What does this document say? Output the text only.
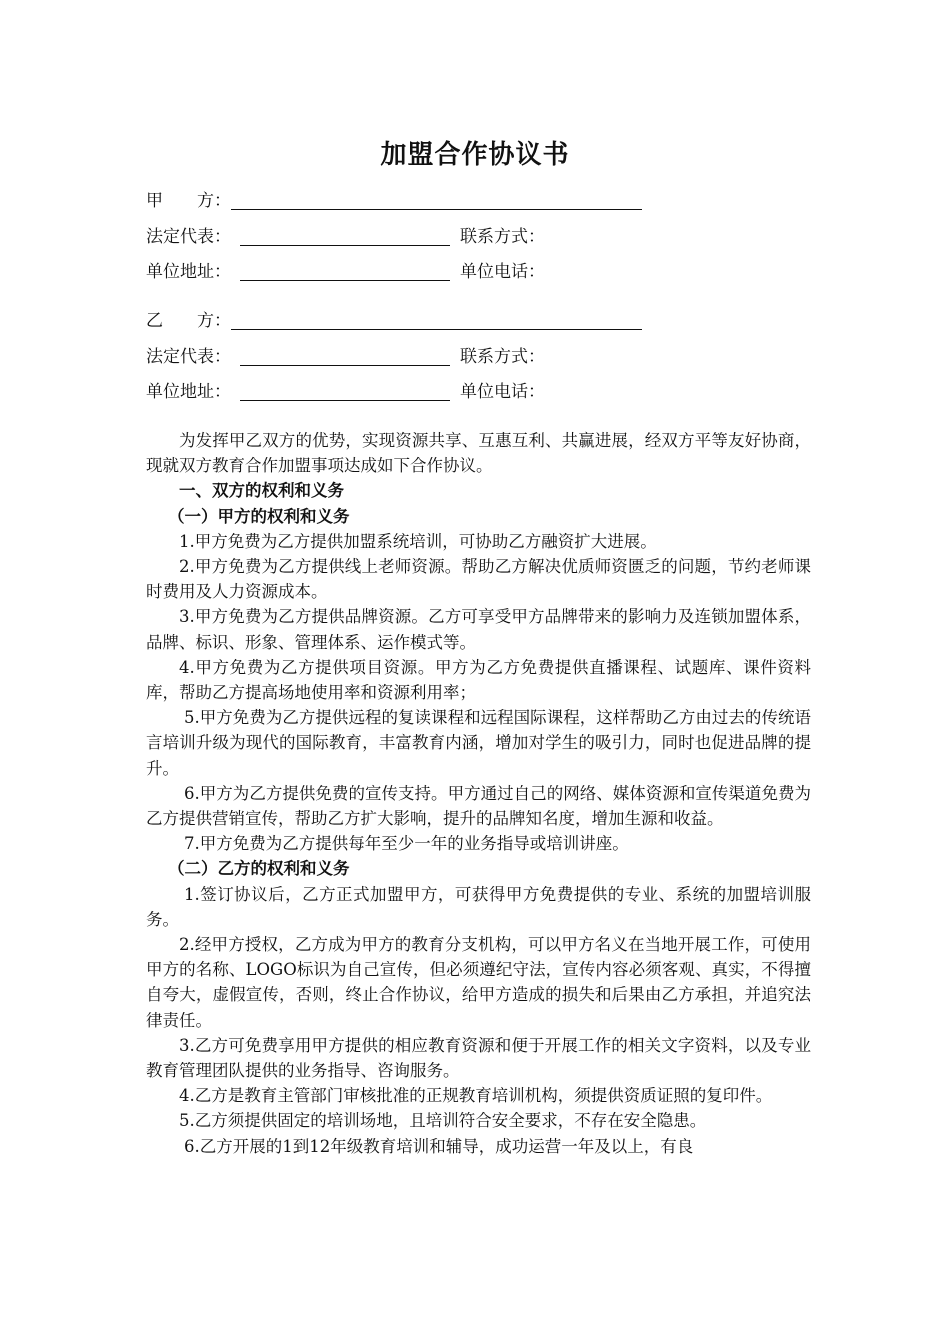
加盟合作协议书
甲　　方：
法定代表：	联系方式：
单位地址：	单位电话：
乙　　方：
法定代表：	联系方式：
单位地址：	单位电话：

为发挥甲乙双方的优势，实现资源共享、互惠互利、共赢进展，经双方平等友好协商，现就双方教育合作加盟事项达成如下合作协议。

一、双方的权利和义务

（一）甲方的权利和义务

1.甲方免费为乙方提供加盟系统培训，可协助乙方融资扩大进展。

2.甲方免费为乙方提供线上老师资源。帮助乙方解决优质师资匮乏的问题，节约老师课时费用及人力资源成本。

3.甲方免费为乙方提供品牌资源。乙方可享受甲方品牌带来的影响力及连锁加盟体系，品牌、标识、形象、管理体系、运作模式等。

4.甲方免费为乙方提供项目资源。甲方为乙方免费提供直播课程、试题库、课件资料库，帮助乙方提高场地使用率和资源利用率；

5.甲方免费为乙方提供远程的复读课程和远程国际课程，这样帮助乙方由过去的传统语言培训升级为现代的国际教育，丰富教育内涵，增加对学生的吸引力，同时也促进品牌的提升。

6.甲方为乙方提供免费的宣传支持。甲方通过自己的网络、媒体资源和宣传渠道免费为乙方提供营销宣传，帮助乙方扩大影响，提升的品牌知名度，增加生源和收益。

7.甲方免费为乙方提供每年至少一年的业务指导或培训讲座。

（二）乙方的权利和义务

1.签订协议后，乙方正式加盟甲方，可获得甲方免费提供的专业、系统的加盟培训服务。

2.经甲方授权，乙方成为甲方的教育分支机构，可以甲方名义在当地开展工作，可使用甲方的名称、LOGO标识为自己宣传，但必须遵纪守法，宣传内容必须客观、真实，不得擅自夸大，虚假宣传，否则，终止合作协议，给甲方造成的损失和后果由乙方承担，并追究法律责任。

3.乙方可免费享用甲方提供的相应教育资源和便于开展工作的相关文字资料，以及专业教育管理团队提供的业务指导、咨询服务。

4.乙方是教育主管部门审核批准的正规教育培训机构，须提供资质证照的复印件。

5.乙方须提供固定的培训场地，且培训符合安全要求，不存在安全隐患。

6.乙方开展的1到12年级教育培训和辅导，成功运营一年及以上，有良
